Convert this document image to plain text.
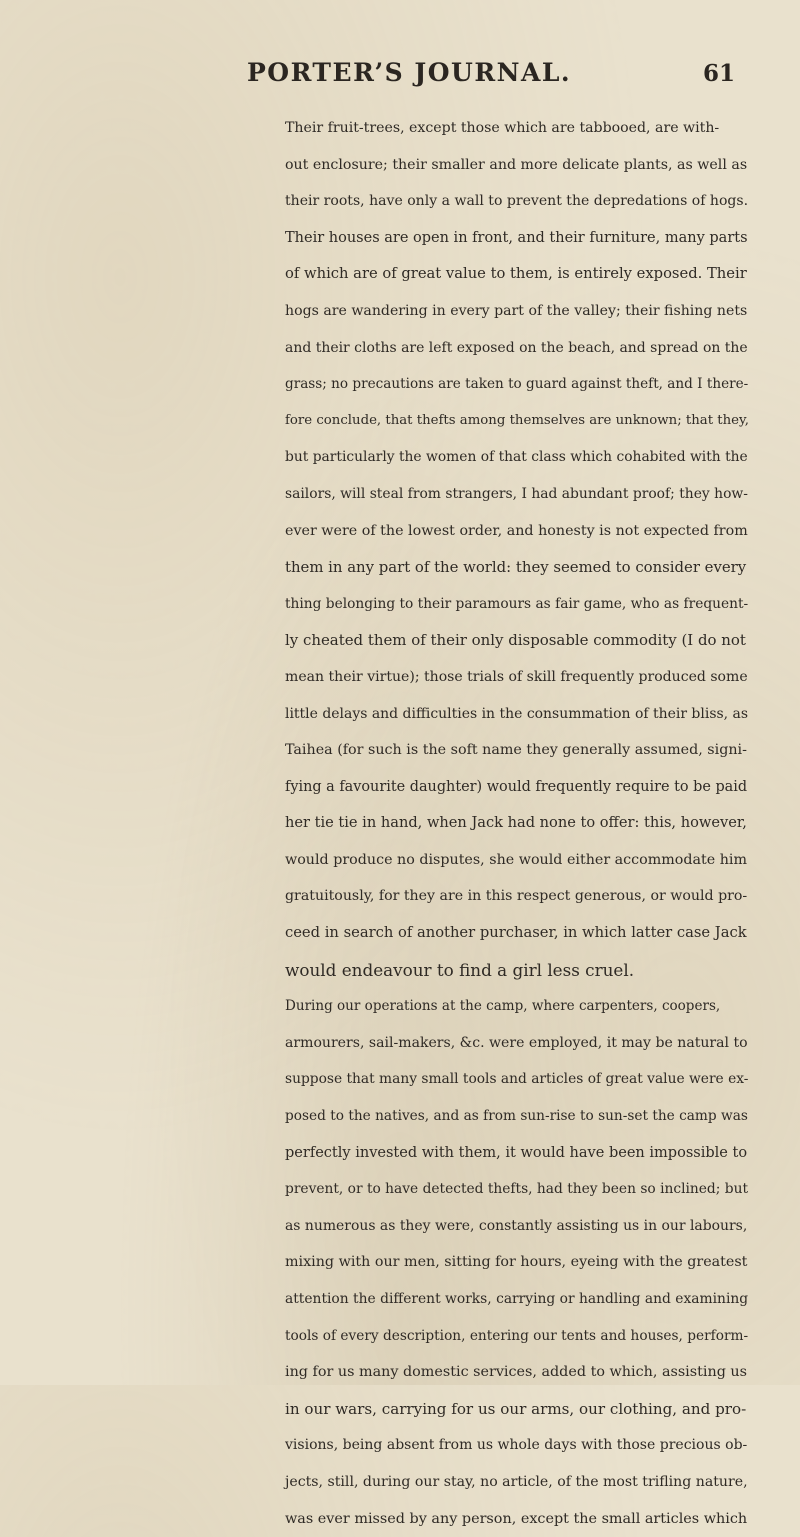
PORTER’S JOURNAL.	61

Their fruit-trees, except those which are tabbooed, are with-
out enclosure; their smaller and more delicate plants, as well as
their roots, have only a wall to prevent the depredations of hogs.
Their houses are open in front, and their furniture, many parts
of which are of great value to them, is entirely exposed. Their
hogs are wandering in every part of the valley; their fishing nets
and their cloths are left exposed on the beach, and spread on the
grass; no precautions are taken to guard against theft, and I there-
fore conclude, that thefts among themselves are unknown; that they,
but particularly the women of that class which cohabited with the
sailors, will steal from strangers, I had abundant proof; they how-
ever were of the lowest order, and honesty is not expected from
them in any part of the world: they seemed to consider every
thing belonging to their paramours as fair game, who as frequent-
ly cheated them of their only disposable commodity (I do not
mean their virtue); those trials of skill frequently produced some
little delays and difficulties in the consummation of their bliss, as
Taihea (for such is the soft name they generally assumed, signi-
fying a favourite daughter) would frequently require to be paid
her tie tie in hand, when Jack had none to offer: this, however,
would produce no disputes, she would either accommodate him
gratuitously, for they are in this respect generous, or would pro-
ceed in search of another purchaser, in which latter case Jack
would endeavour to find a girl less cruel.

During our operations at the camp, where carpenters, coopers,
armourers, sail-makers, &c. were employed, it may be natural to
suppose that many small tools and articles of great value were ex-
posed to the natives, and as from sun-rise to sun-set the camp was
perfectly invested with them, it would have been impossible to
prevent, or to have detected thefts, had they been so inclined; but
as numerous as they were, constantly assisting us in our labours,
mixing with our men, sitting for hours, eyeing with the greatest
attention the different works, carrying or handling and examining
tools of every description, entering our tents and houses, perform-
ing for us many domestic services, added to which, assisting us
in our wars, carrying for us our arms, our clothing, and pro-
visions, being absent from us whole days with those precious ob-
jects, still, during our stay, no article, of the most trifling nature,
was ever missed by any person, except the small articles which
